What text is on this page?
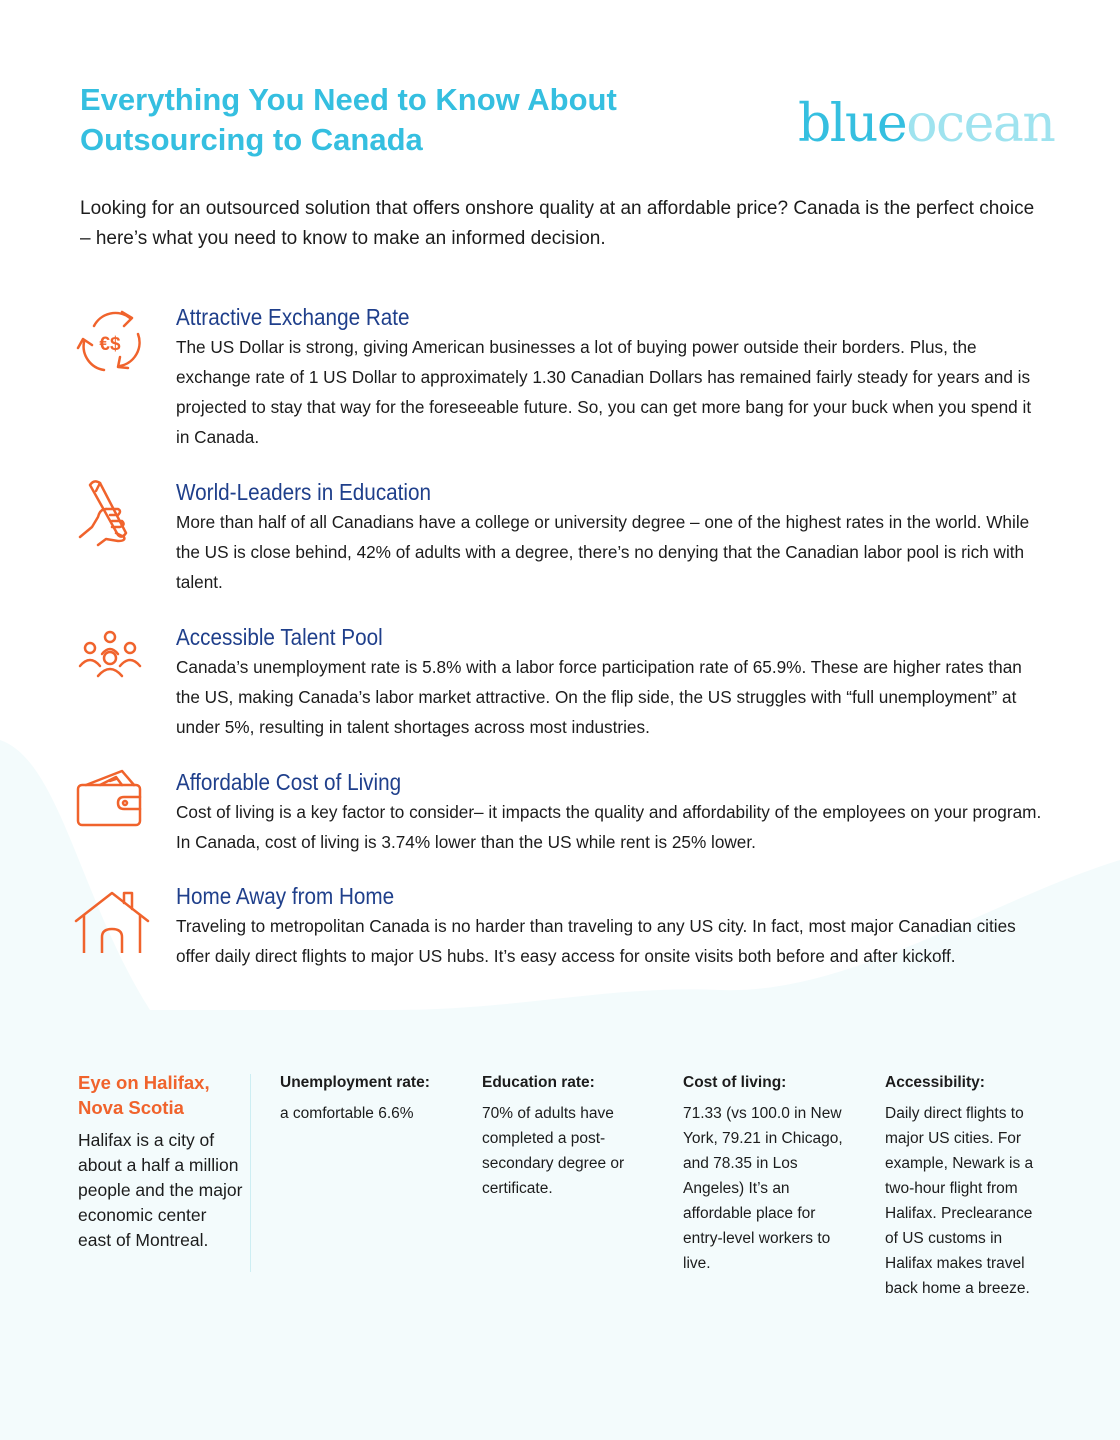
Everything You Need to Know About Outsourcing to Canada	blueocean

Looking for an outsourced solution that offers onshore quality at an affordable price? Canada is the perfect choice – here’s what you need to know to make an informed decision.

€$
Attractive Exchange Rate

The US Dollar is strong, giving American businesses a lot of buying power outside their borders. Plus, the exchange rate of 1 US Dollar to approximately 1.30 Canadian Dollars has remained fairly steady for years and is projected to stay that way for the foreseeable future. So, you can get more bang for your buck when you spend it in Canada.

World-Leaders in Education

More than half of all Canadians have a college or university degree – one of the highest rates in the world. While the US is close behind, 42% of adults with a degree, there’s no denying that the Canadian labor pool is rich with talent.

Accessible Talent Pool

Canada’s unemployment rate is 5.8% with a labor force participation rate of 65.9%. These are higher rates than the US, making Canada’s labor market attractive. On the flip side, the US struggles with “full unemployment” at under 5%, resulting in talent shortages across most industries.

Affordable Cost of Living

Cost of living is a key factor to consider– it impacts the quality and affordability of the employees on your program. In Canada, cost of living is 3.74% lower than the US while rent is 25% lower.

Home Away from Home

Traveling to metropolitan Canada is no harder than traveling to any US city. In fact, most major Canadian cities offer daily direct flights to major US hubs. It’s easy access for onsite visits both before and after kickoff.

Eye on Halifax, Nova Scotia

Halifax is a city of about a half a million people and the major economic center east of Montreal.

Unemployment rate:

a comfortable 6.6%

Education rate:

70% of adults have completed a post-secondary degree or certificate.

Cost of living:

71.33 (vs 100.0 in New York, 79.21 in Chicago, and 78.35 in Los Angeles) It’s an affordable place for entry-level workers to live.

Accessibility:

Daily direct flights to major US cities. For example, Newark is a two-hour flight from Halifax. Preclearance of US customs in Halifax makes travel back home a breeze.
